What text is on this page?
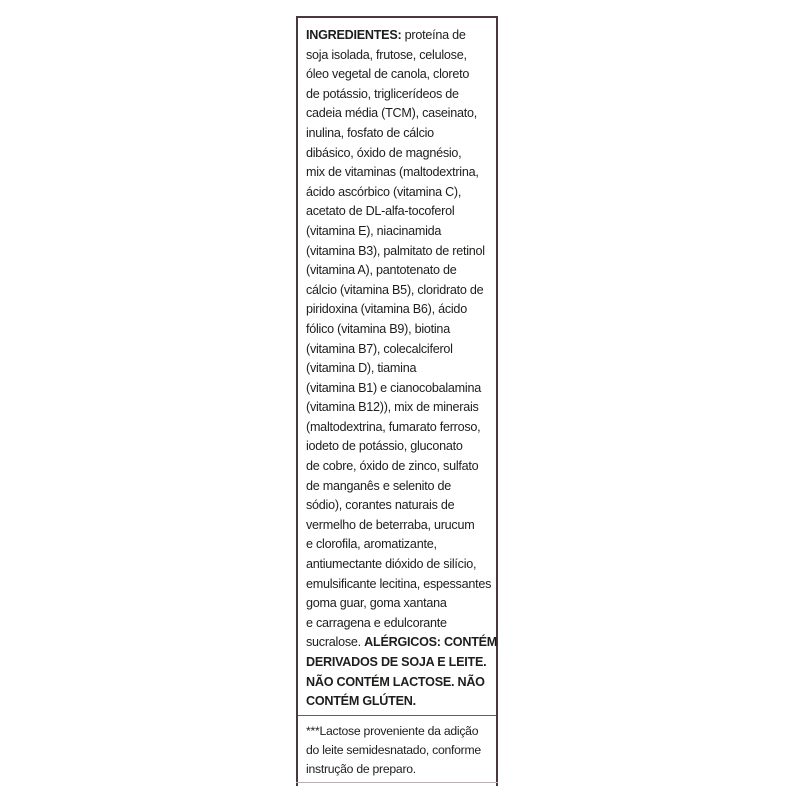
INGREDIENTES: proteína de
soja isolada, frutose, celulose,
óleo vegetal de canola, cloreto
de potássio, triglicerídeos de
cadeia média (TCM), caseinato,
inulina, fosfato de cálcio
dibásico, óxido de magnésio,
mix de vitaminas (maltodextrina,
ácido ascórbico (vitamina C),
acetato de DL-alfa-tocoferol
(vitamina E), niacinamida
(vitamina B3), palmitato de retinol
(vitamina A), pantotenato de
cálcio (vitamina B5), cloridrato de
piridoxina (vitamina B6), ácido
fólico (vitamina B9), biotina
(vitamina B7), colecalciferol
(vitamina D), tiamina
(vitamina B1) e cianocobalamina
(vitamina B12)), mix de minerais
(maltodextrina, fumarato ferroso,
iodeto de potássio, gluconato
de cobre, óxido de zinco, sulfato
de manganês e selenito de
sódio), corantes naturais de
vermelho de beterraba, urucum
e clorofila, aromatizante,
antiumectante dióxido de silício,
emulsificante lecitina, espessantes
goma guar, goma xantana
e carragena e edulcorante
sucralose. ALÉRGICOS: CONTÉM
DERIVADOS DE SOJA E LEITE.
NÃO CONTÉM LACTOSE. NÃO
CONTÉM GLÚTEN.
***Lactose proveniente da adição
do leite semidesnatado, conforme
instrução de preparo.
